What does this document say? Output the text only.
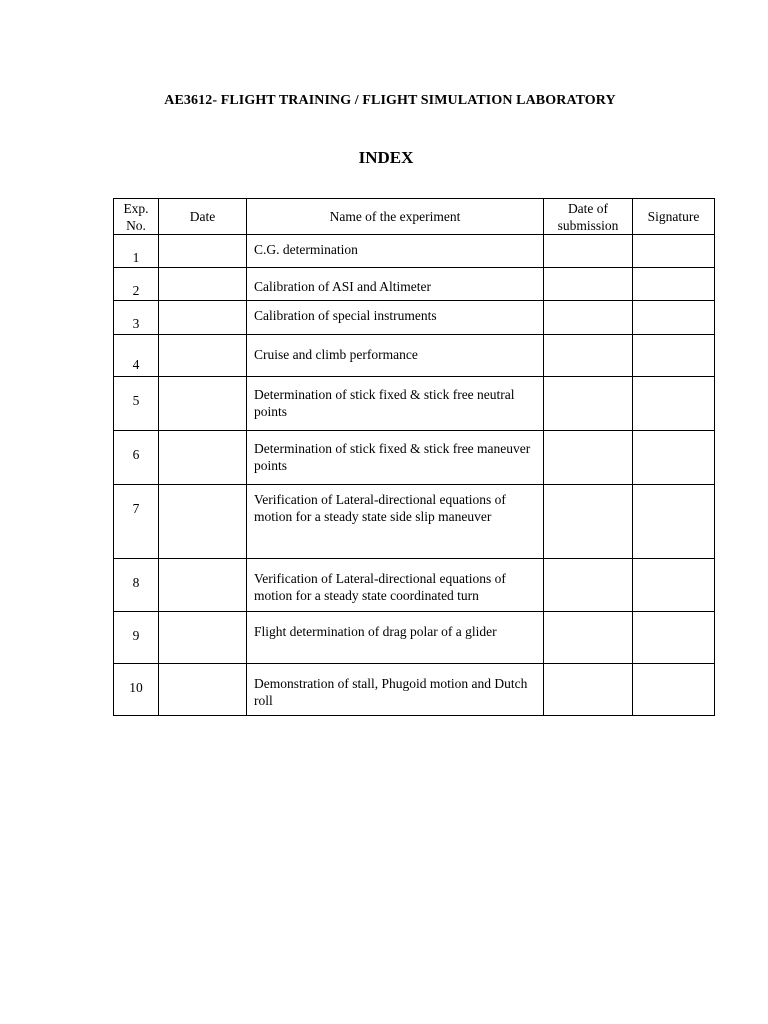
AE3612- FLIGHT TRAINING / FLIGHT SIMULATION LABORATORY
INDEX
Exp. No.	Date	Name of the experiment	Date of submission	Signature
1		C.G. determination		
2		Calibration of ASI and Altimeter		
3		Calibration of special instruments		
4		Cruise and climb performance		
5		Determination of stick fixed & stick free neutral points		
6		Determination of stick fixed & stick free maneuver points		
7		Verification of Lateral-directional equations of motion for a steady state side slip maneuver		
8		Verification of Lateral-directional equations of motion for a steady state coordinated turn		
9		Flight determination of drag polar of a glider		
10		Demonstration of stall, Phugoid motion and Dutch roll		
